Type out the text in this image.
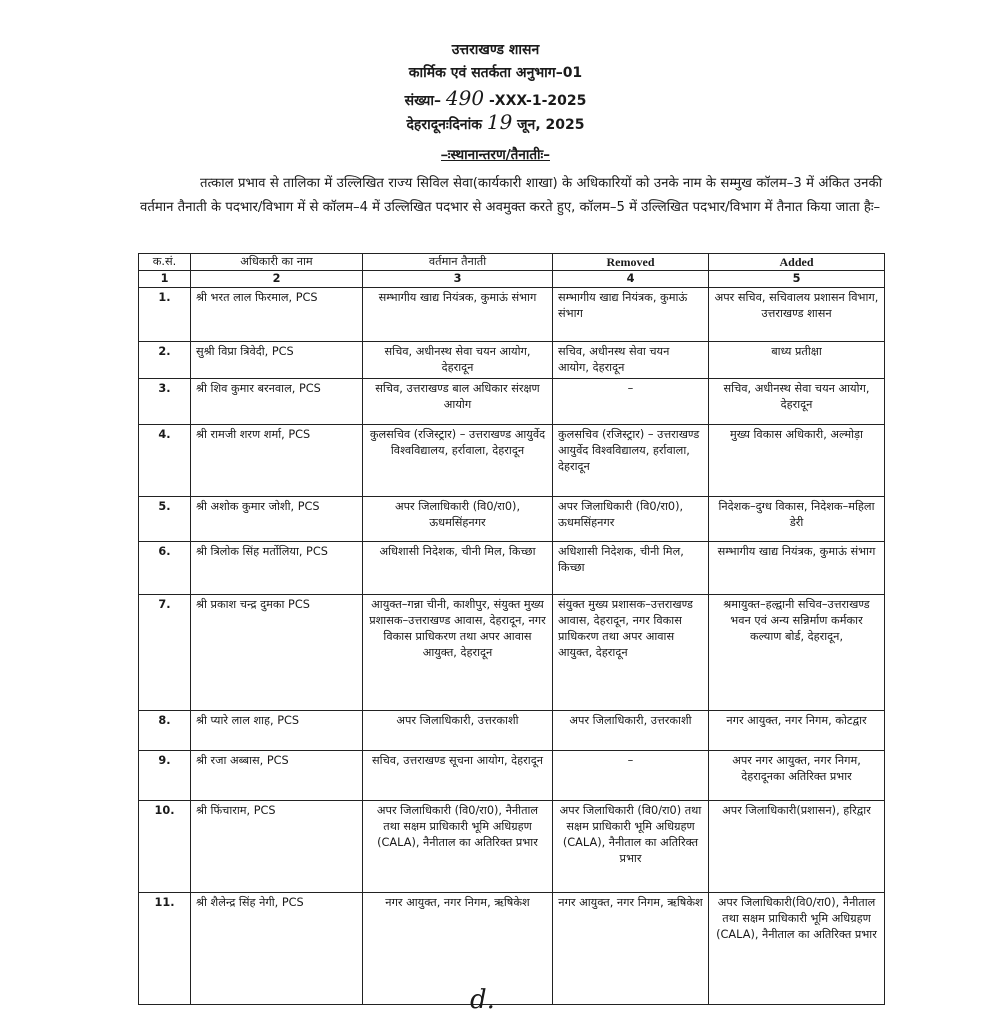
उत्तराखण्ड शासन
कार्मिक एवं सतर्कता अनुभाग–01
संख्या– 490 -XXX-1-2025
देहरादूनःदिनांक 19 जून, 2025
–ःस्थानान्तरण/तैनातीः–

तत्काल प्रभाव से तालिका में उल्लिखित राज्य सिविल सेवा(कार्यकारी शाखा) के अधिकारियों को उनके नाम के सम्मुख कॉलम–3 में अंकित उनकी वर्तमान तैनाती के पदभार/विभाग में से कॉलम–4 में उल्लिखित पदभार से अवमुक्त करते हुए, कॉलम–5 में उल्लिखित पदभार/विभाग में तैनात किया जाता हैः–

क.सं.	अधिकारी का नाम	वर्तमान तैनाती	Removed	Added
1	2	3	4	5
1.	श्री भरत लाल फिरमाल, PCS	सम्भागीय खाद्य नियंत्रक, कुमाऊं संभाग	सम्भागीय खाद्य नियंत्रक, कुमाऊं संभाग	अपर सचिव, सचिवालय प्रशासन विभाग, उत्तराखण्ड शासन
2.	सुश्री विप्रा त्रिवेदी, PCS	सचिव, अधीनस्थ सेवा चयन आयोग, देहरादून	सचिव, अधीनस्थ सेवा चयन आयोग, देहरादून	बाध्य प्रतीक्षा
3.	श्री शिव कुमार बरनवाल, PCS	सचिव, उत्तराखण्ड बाल अधिकार संरक्षण आयोग	–	सचिव, अधीनस्थ सेवा चयन आयोग, देहरादून
4.	श्री रामजी शरण शर्मा, PCS	कुलसचिव (रजिस्ट्रार) – उत्तराखण्ड आयुर्वेद विश्वविद्यालय, हर्रावाला, देहरादून	कुलसचिव (रजिस्ट्रार) – उत्तराखण्ड आयुर्वेद विश्वविद्यालय, हर्रावाला, देहरादून	मुख्य विकास अधिकारी, अल्मोड़ा
5.	श्री अशोक कुमार जोशी, PCS	अपर जिलाधिकारी (वि0/रा0), ऊधमसिंहनगर	अपर जिलाधिकारी (वि0/रा0), ऊधमसिंहनगर	निदेशक–दुग्ध विकास, निदेशक–महिला डेरी
6.	श्री त्रिलोक सिंह मर्तोलिया, PCS	अधिशासी निदेशक, चीनी मिल, किच्छा	अधिशासी निदेशक, चीनी मिल, किच्छा	सम्भागीय खाद्य नियंत्रक, कुमाऊं संभाग
7.	श्री प्रकाश चन्द्र दुमका PCS	आयुक्त–गन्ना चीनी, काशीपुर, संयुक्त मुख्य प्रशासक–उत्तराखण्ड आवास, देहरादून, नगर विकास प्राधिकरण तथा अपर आवास आयुक्त, देहरादून	संयुक्त मुख्य प्रशासक–उत्तराखण्ड आवास, देहरादून, नगर विकास प्राधिकरण तथा अपर आवास आयुक्त, देहरादून	श्रमायुक्त–हल्द्वानी सचिव–उत्तराखण्ड भवन एवं अन्य सन्निर्माण कर्मकार कल्याण बोर्ड, देहरादून,
8.	श्री प्यारे लाल शाह, PCS	अपर जिलाधिकारी, उत्तरकाशी	अपर जिलाधिकारी, उत्तरकाशी	नगर आयुक्त, नगर निगम, कोटद्वार
9.	श्री रजा अब्बास, PCS	सचिव, उत्तराखण्ड सूचना आयोग, देहरादून	–	अपर नगर आयुक्त, नगर निगम, देहरादूनका अतिरिक्त प्रभार
10.	श्री फिंचाराम, PCS	अपर जिलाधिकारी (वि0/रा0), नैनीताल तथा सक्षम प्राधिकारी भूमि अधिग्रहण (CALA), नैनीताल का अतिरिक्त प्रभार	अपर जिलाधिकारी (वि0/रा0) तथा सक्षम प्राधिकारी भूमि अधिग्रहण (CALA), नैनीताल का अतिरिक्त प्रभार	अपर जिलाधिकारी(प्रशासन), हरिद्वार
11.	श्री शैलेन्द्र सिंह नेगी, PCS	नगर आयुक्त, नगर निगम, ऋषिकेश	नगर आयुक्त, नगर निगम, ऋषिकेश	अपर जिलाधिकारी(वि0/रा0), नैनीताल तथा सक्षम प्राधिकारी भूमि अधिग्रहण (CALA), नैनीताल का अतिरिक्त प्रभार
d.
